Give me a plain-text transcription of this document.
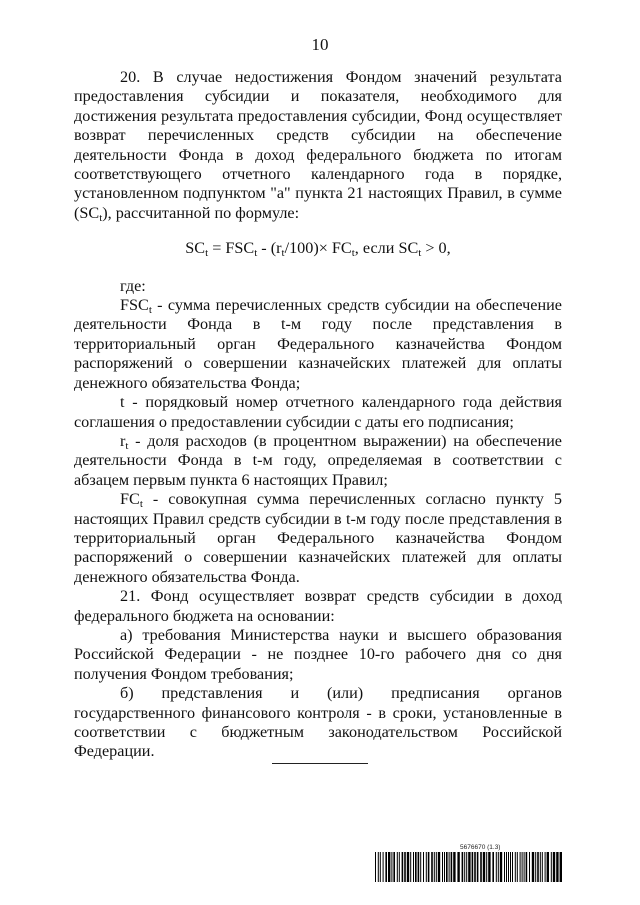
10

20. В случае недостижения Фондом значений результата предоставления субсидии и показателя, необходимого для достижения результата предоставления субсидии, Фонд осуществляет возврат перечисленных средств субсидии на обеспечение деятельности Фонда в доход федерального бюджета по итогам соответствующего отчетного календарного года в порядке, установленном подпунктом "а" пункта 21 настоящих Правил, в сумме $(SC_t)$, рассчитанной по формуле:

$SC_t = FSC_t - (r_t/100)\times FC_t$, если $SC_t > 0$,

где:

$FSC_t$ - сумма перечисленных средств субсидии на обеспечение деятельности Фонда в t-м году после представления в территориальный орган Федерального казначейства Фондом распоряжений о совершении казначейских платежей для оплаты денежного обязательства Фонда;

t - порядковый номер отчетного календарного года действия соглашения о предоставлении субсидии с даты его подписания;

$r_t$ - доля расходов (в процентном выражении) на обеспечение деятельности Фонда в t-м году, определяемая в соответствии с абзацем первым пункта 6 настоящих Правил;

$FC_t$ - совокупная сумма перечисленных согласно пункту 5 настоящих Правил средств субсидии в t-м году после представления в территориальный орган Федерального казначейства Фондом распоряжений о совершении казначейских платежей для оплаты денежного обязательства Фонда.

21. Фонд осуществляет возврат средств субсидии в доход федерального бюджета на основании:

а) требования Министерства науки и высшего образования Российской Федерации - не позднее 10-го рабочего дня со дня получения Фондом требования;

б) представления и (или) предписания органов государственного финансового контроля - в сроки, установленные в соответствии с бюджетным законодательством Российской Федерации.

5676670 (1.3)
